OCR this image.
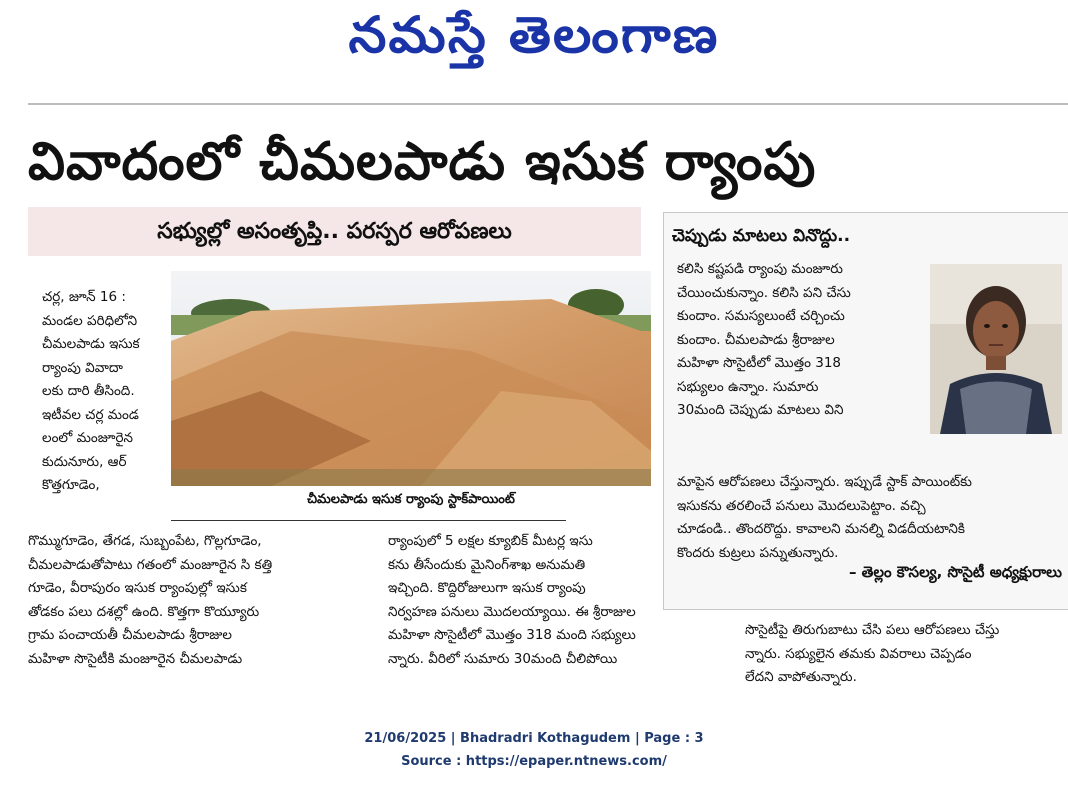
నమస్తే తెలంగాణ
వివాదంలో చీమలపాడు ఇసుక ర్యాంపు
సభ్యుల్లో అసంతృప్తి.. పరస్పర ఆరోపణలు
చీమలపాడు ఇసుక ర్యాంపు స్టాక్‌పాయింట్
చర్ల, జూన్ 16 :
మండల పరిధిలోని
చీమలపాడు ఇసుక
ర్యాంపు వివాదా
లకు దారి తీసింది.
ఇటీవల చర్ల మండ
లంలో మంజూరైన
కుదునూరు, ఆర్
కొత్తగూడెం,
గొమ్ముగూడెం, తేగడ, సుబ్బంపేట, గొల్లగూడెం,
చీమలపాడుతోపాటు గతంలో మంజూరైన సి కత్తి
గూడెం, వీరాపురం ఇసుక ర్యాంపుల్లో ఇసుక
తోడకం పలు దశల్లో ఉంది. కొత్తగా కొయ్యూరు
గ్రామ పంచాయతీ చీమలపాడు శ్రీరాజుల
మహిళా సొసైటీకి మంజూరైన చీమలపాడు
ర్యాంపులో 5 లక్షల క్యూబిక్ మీటర్ల ఇసు
కను తీసేందుకు మైనింగ్‌శాఖ అనుమతి
ఇచ్చింది. కొద్దిరోజులుగా ఇసుక ర్యాంపు
నిర్వహణ పనులు మొదలయ్యాయి. ఈ శ్రీరాజుల
మహిళా సొసైటీలో మొత్తం 318 మంది సభ్యులు
న్నారు. వీరిలో సుమారు 30మంది చీలిపోయి
చెప్పుడు మాటలు వినొద్దు..
కలిసి కష్టపడి ర్యాంపు మంజూరు
చేయించుకున్నాం. కలిసి పని చేసు
కుందాం. సమస్యలుంటే చర్చించు
కుందాం. చీమలపాడు శ్రీరాజుల
మహిళా సొసైటీలో మొత్తం 318
సభ్యులం ఉన్నాం. సుమారు
30మంది చెప్పుడు మాటలు విని
మాపైన ఆరోపణలు చేస్తున్నారు. ఇప్పుడే స్టాక్ పాయింట్‌కు
ఇసుకను తరలించే పనులు మొదలుపెట్టాం. వచ్చి
చూడండి.. తొందరొద్దు. కావాలని మనల్ని విడదీయటానికి
కొందరు కుట్రలు పన్నుతున్నారు.
– తెల్లం కౌసల్య, సొసైటీ అధ్యక్షురాలు
సొసైటీపై తిరుగుబాటు చేసి పలు ఆరోపణలు చేస్తు
న్నారు. సభ్యులైన తమకు వివరాలు చెప్పడం
లేదని వాపోతున్నారు.
21/06/2025 | Bhadradri Kothagudem | Page : 3
Source : https://epaper.ntnews.com/
